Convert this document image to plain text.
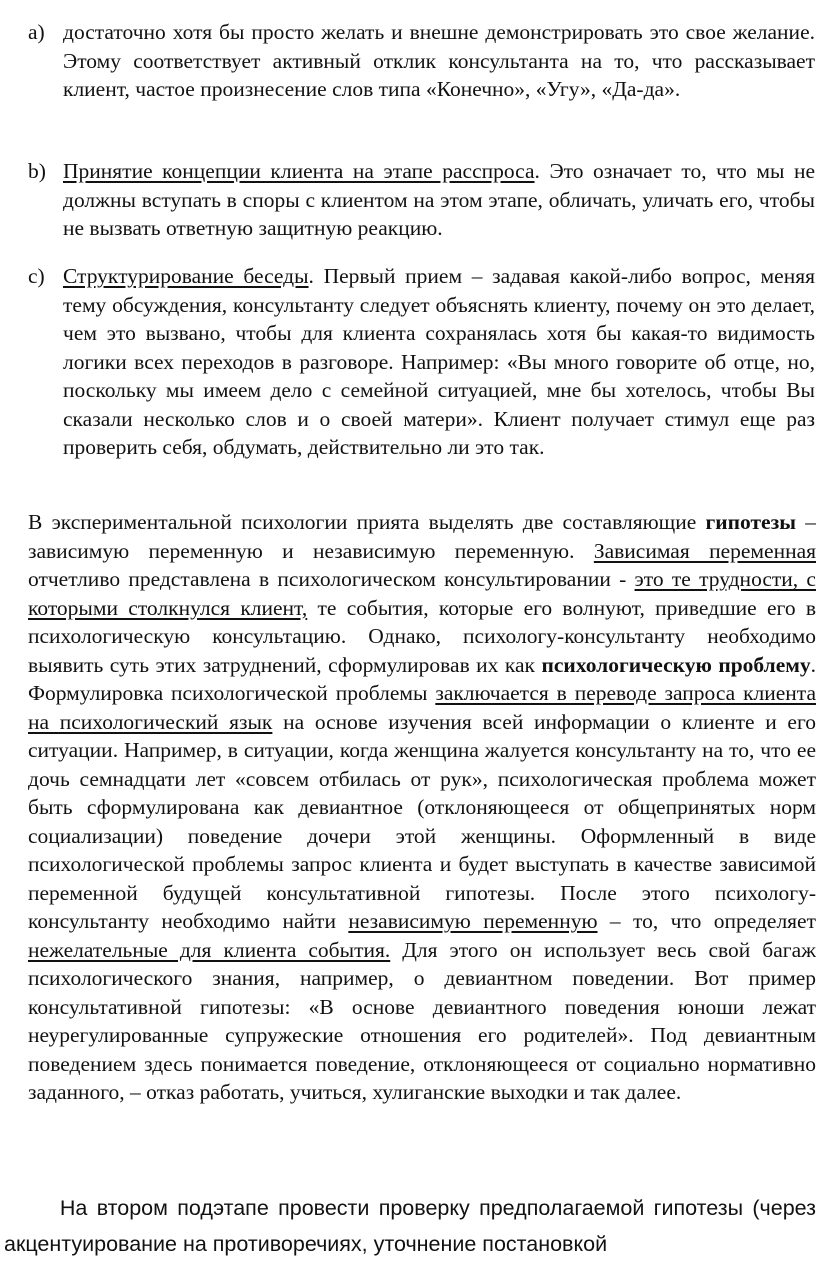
a) достаточно хотя бы просто желать и внешне демонстрировать это свое желание. Этому соответствует активный отклик консультанта на то, что рассказывает клиент, частое произнесение слов типа «Конечно», «Угу», «Да-да».

b) Принятие концепции клиента на этапе расспроса. Это означает то, что мы не должны вступать в споры с клиентом на этом этапе, обличать, уличать его, чтобы не вызвать ответную защитную реакцию.

c) Структурирование беседы. Первый прием – задавая какой-либо вопрос, меняя тему обсуждения, консультанту следует объяснять клиенту, почему он это делает, чем это вызвано, чтобы для клиента сохранялась хотя бы какая-то видимость логики всех переходов в разговоре. Например: «Вы много говорите об отце, но, поскольку мы имеем дело с семейной ситуацией, мне бы хотелось, чтобы Вы сказали несколько слов и о своей матери». Клиент получает стимул еще раз проверить себя, обдумать, действительно ли это так.

В экспериментальной психологии прията выделять две составляющие гипотезы – зависимую переменную и независимую переменную. Зависимая переменная отчетливо представлена в психологическом консультировании - это те трудности, с которыми столкнулся клиент, те события, которые его волнуют, приведшие его в психологическую консультацию. Однако, психологу-консультанту необходимо выявить суть этих затруднений, сформулировав их как психологическую проблему. Формулировка психологической проблемы заключается в переводе запроса клиента на психологический язык на основе изучения всей информации о клиенте и его ситуации. Например, в ситуации, когда женщина жалуется консультанту на то, что ее дочь семнадцати лет «совсем отбилась от рук», психологическая проблема может быть сформулирована как девиантное (отклоняющееся от общепринятых норм социализации) поведение дочери этой женщины. Оформленный в виде психологической проблемы запрос клиента и будет выступать в качестве зависимой переменной будущей консультативной гипотезы. После этого психологу-консультанту необходимо найти независимую переменную – то, что определяет нежелательные для клиента события. Для этого он использует весь свой багаж психологического знания, например, о девиантном поведении. Вот пример консультативной гипотезы: «В основе девиантного поведения юноши лежат неурегулированные супружеские отношения его родителей». Под девиантным поведением здесь понимается поведение, отклоняющееся от социально нормативно заданного, – отказ работать, учиться, хулиганские выходки и так далее.

На втором подэтапе провести проверку предполагаемой гипотезы (через акцентуирование на противоречиях, уточнение постановкой
